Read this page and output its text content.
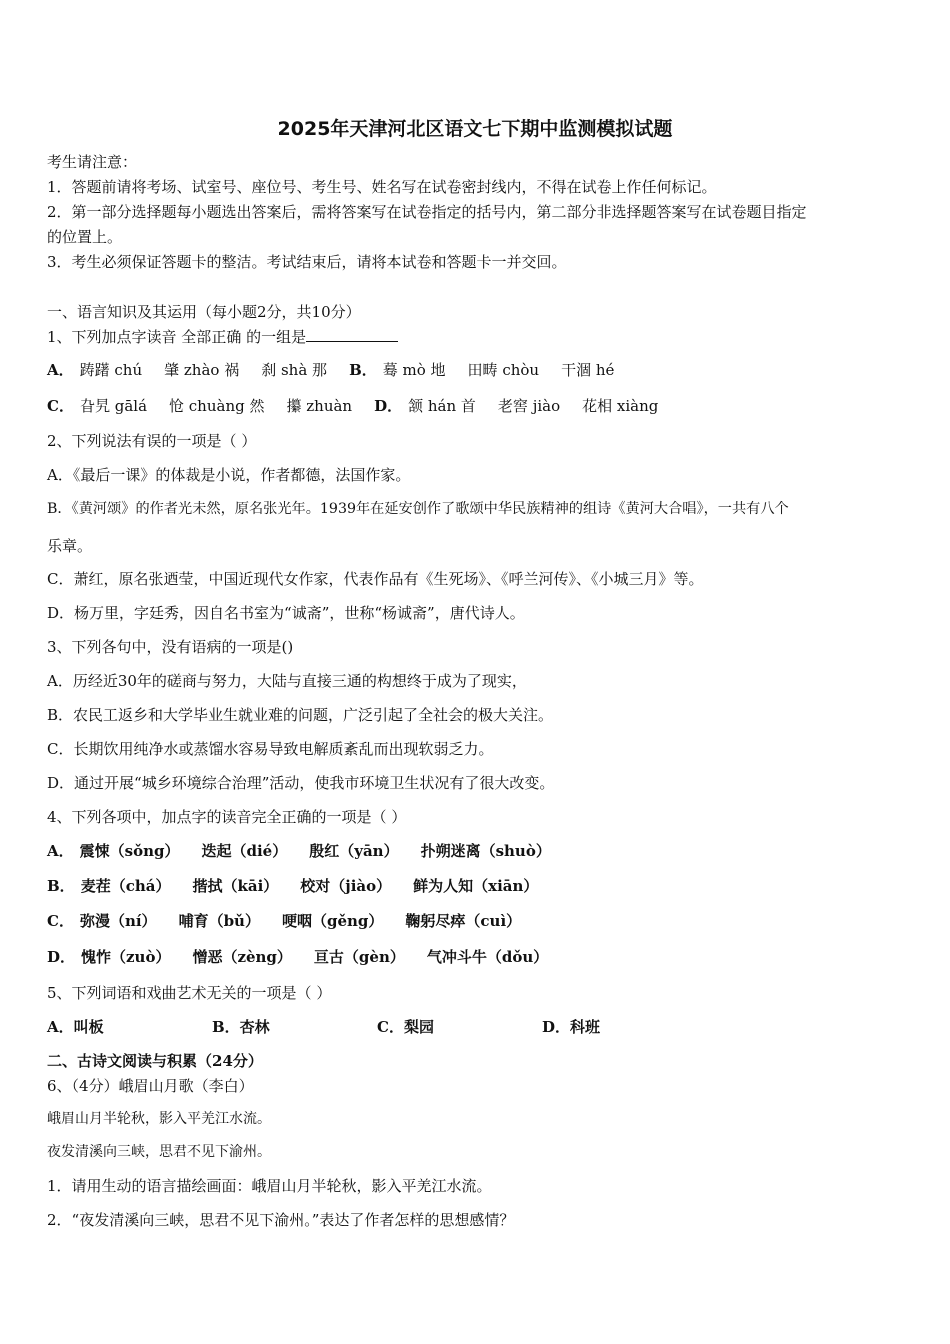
2025年天津河北区语文七下期中监测模拟试题
考生请注意：
1．答题前请将考场、试室号、座位号、考生号、姓名写在试卷密封线内，不得在试卷上作任何标记。
2．第一部分选择题每小题选出答案后，需将答案写在试卷指定的括号内，第二部分非选择题答案写在试卷题目指定
的位置上。
3．考生必须保证答题卡的整洁。考试结束后，请将本试卷和答题卡一并交回。
一、语言知识及其运用（每小题2分，共10分）
1、下列加点字读音 全部正确 的一组是
A． 踌躇 chú 肇 zhào 祸 刹 shà 那 B． 蓦 mò 地 田畴 chòu 干涸 hé
C． 旮旯 gālá 怆 chuàng 然 攥 zhuàn D． 颔 hán 首 老窖 jiào 花相 xiàng
2、下列说法有误的一项是（ ）
A．《最后一课》的体裁是小说，作者都德，法国作家。
B．《黄河颂》的作者光未然，原名张光年。1939年在延安创作了歌颂中华民族精神的组诗《黄河大合唱》，一共有八个
乐章。
C．萧红，原名张迺莹，中国近现代女作家，代表作品有《生死场》、《呼兰河传》、《小城三月》等。
D．杨万里，字廷秀，因自名书室为“诚斋”，世称“杨诚斋”，唐代诗人。
3、下列各句中，没有语病的一项是()
A．历经近30年的磋商与努力，大陆与直接三通的构想终于成为了现实，
B．农民工返乡和大学毕业生就业难的问题，广泛引起了全社会的极大关注。
C．长期饮用纯净水或蒸馏水容易导致电解质紊乱而出现软弱乏力。
D．通过开展“城乡环境综合治理”活动，使我市环境卫生状况有了很大改变。
4、下列各项中，加点字的读音完全正确的一项是（ ）
A． 震悚（sǒng） 迭起（dié） 殷红（yān） 扑朔迷离（shuò）
B． 麦茬（chá） 揩拭（kāi） 校对（jiào） 鲜为人知（xiān）
C． 弥漫（ní） 哺育（bǔ） 哽咽（gěng） 鞠躬尽瘁（cuì）
D． 愧怍（zuò） 憎恶（zèng） 亘古（gèn） 气冲斗牛（dǒu）
5、下列词语和戏曲艺术无关的一项是（ ）
A．叫板	B．杏林	C．梨园	D．科班
二、古诗文阅读与积累（24分）
6、（4分）峨眉山月歌（李白）
峨眉山月半轮秋，影入平羌江水流。
夜发清溪向三峡，思君不见下渝州。
1．请用生动的语言描绘画面：峨眉山月半轮秋，影入平羌江水流。
2．“夜发清溪向三峡，思君不见下渝州。”表达了作者怎样的思想感情？
